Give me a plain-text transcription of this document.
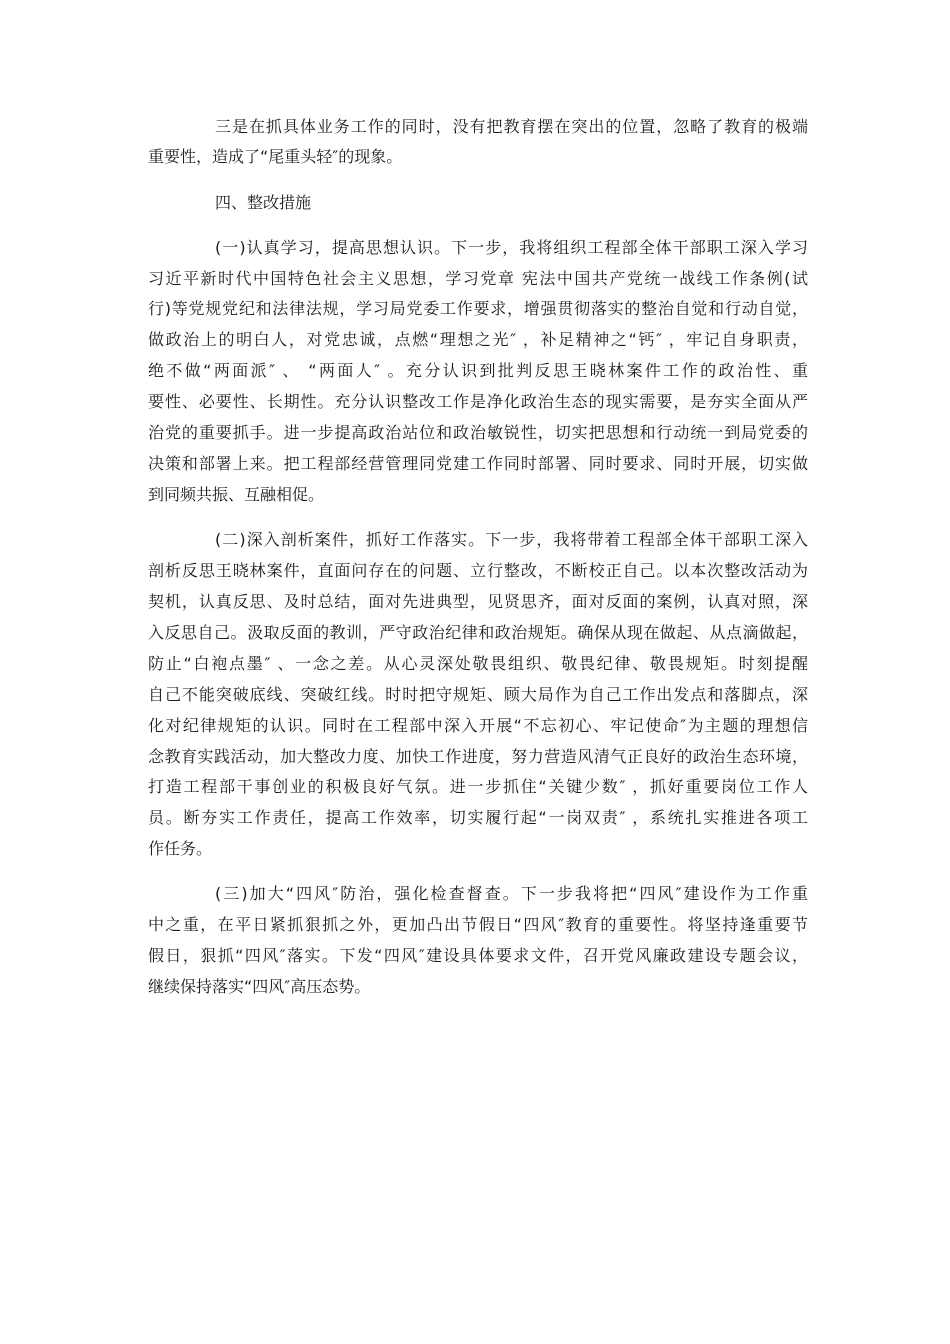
三是在抓具体业务工作的同时，没有把教育摆在突出的位置，忽略了教育的极端

重要性，造成了“尾重头轻″的现象。

四、整改措施

(一)认真学习，提高思想认识。下一步，我将组织工程部全体干部职工深入学习

习近平新时代中国特色社会主义思想，学习党章 宪法中国共产党统一战线工作条例(试

行)等党规党纪和法律法规，学习局党委工作要求，增强贯彻落实的整治自觉和行动自觉，

做政治上的明白人，对党忠诚，点燃“理想之光″ ，补足精神之“钙″ ，牢记自身职责，

绝不做“两面派″ 、 “两面人″ 。充分认识到批判反思王晓林案件工作的政治性、重

要性、必要性、长期性。充分认识整改工作是净化政治生态的现实需要，是夯实全面从严

治党的重要抓手。进一步提高政治站位和政治敏锐性，切实把思想和行动统一到局党委的

决策和部署上来。把工程部经营管理同党建工作同时部署、同时要求、同时开展，切实做

到同频共振、互融相促。

(二)深入剖析案件，抓好工作落实。下一步，我将带着工程部全体干部职工深入

剖析反思王晓林案件，直面问存在的问题、立行整改，不断校正自己。以本次整改活动为

契机，认真反思、及时总结，面对先进典型，见贤思齐，面对反面的案例，认真对照，深

入反思自己。汲取反面的教训，严守政治纪律和政治规矩。确保从现在做起、从点滴做起，

防止“白袍点墨″ 、一念之差。从心灵深处敬畏组织、敬畏纪律、敬畏规矩。时刻提醒

自己不能突破底线、突破红线。时时把守规矩、顾大局作为自己工作出发点和落脚点，深

化对纪律规矩的认识。同时在工程部中深入开展“不忘初心、牢记使命″为主题的理想信

念教育实践活动，加大整改力度、加快工作进度，努力营造风清气正良好的政治生态环境，

打造工程部干事创业的积极良好气氛。进一步抓住“关键少数″ ，抓好重要岗位工作人

员。断夯实工作责任，提高工作效率，切实履行起“一岗双责″ ，系统扎实推进各项工

作任务。

(三)加大“四风″防治，强化检查督查。下一步我将把“四风″建设作为工作重

中之重，在平日紧抓狠抓之外，更加凸出节假日“四风″教育的重要性。将坚持逢重要节

假日，狠抓“四风″落实。下发“四风″建设具体要求文件，召开党风廉政建设专题会议，

继续保持落实“四风″高压态势。
